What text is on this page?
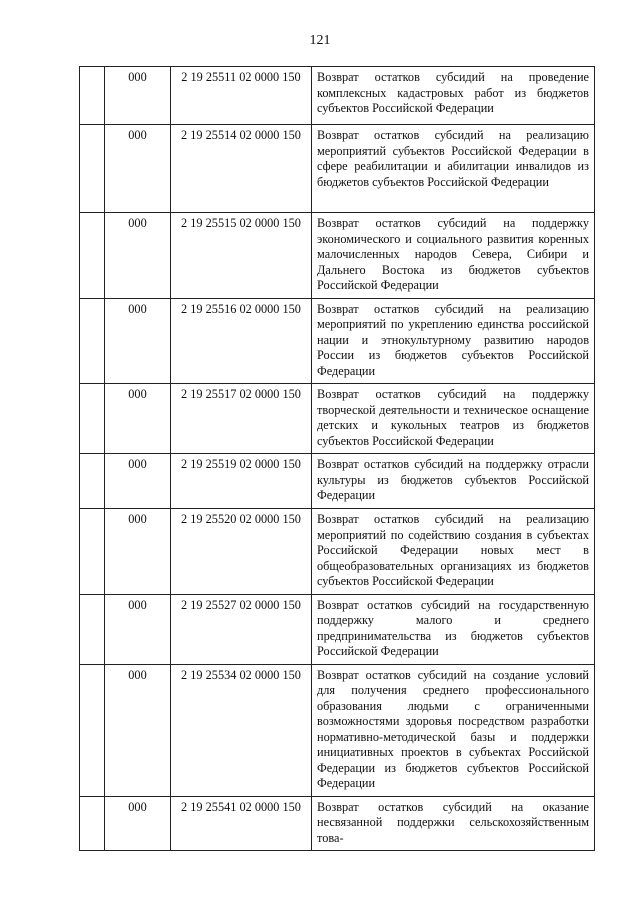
121
	000	2 19 25511 02 0000 150	Возврат остатков субсидий на проведение комплексных кадастровых работ из бюджетов субъектов Российской Федерации
	000	2 19 25514 02 0000 150	Возврат остатков субсидий на реализацию мероприятий субъектов Российской Федерации в сфере реабилитации и абилитации инвалидов из бюджетов субъектов Российской Федерации
	000	2 19 25515 02 0000 150	Возврат остатков субсидий на поддержку экономического и социального развития коренных малочисленных народов Севера, Сибири и Дальнего Востока из бюджетов субъектов Российской Федерации
	000	2 19 25516 02 0000 150	Возврат остатков субсидий на реализацию мероприятий по укреплению единства российской нации и этнокультурному развитию народов России из бюджетов субъектов Российской Федерации
	000	2 19 25517 02 0000 150	Возврат остатков субсидий на поддержку творческой деятельности и техническое оснащение детских и кукольных театров из бюджетов субъектов Российской Федерации
	000	2 19 25519 02 0000 150	Возврат остатков субсидий на поддержку отрасли культуры из бюджетов субъектов Российской Федерации
	000	2 19 25520 02 0000 150	Возврат остатков субсидий на реализацию мероприятий по содействию создания в субъектах Российской Федерации новых мест в общеобразовательных организациях из бюджетов субъектов Российской Федерации
	000	2 19 25527 02 0000 150	Возврат остатков субсидий на государственную поддержку малого и среднего предпринимательства из бюджетов субъектов Российской Федерации
	000	2 19 25534 02 0000 150	Возврат остатков субсидий на создание условий для получения среднего профессионального образования людьми с ограниченными возможностями здоровья посредством разработки нормативно-методической базы и поддержки инициативных проектов в субъектах Российской Федерации из бюджетов субъектов Российской Федерации
	000	2 19 25541 02 0000 150	Возврат остатков субсидий на оказание несвязанной поддержки сельскохозяйственным това-
